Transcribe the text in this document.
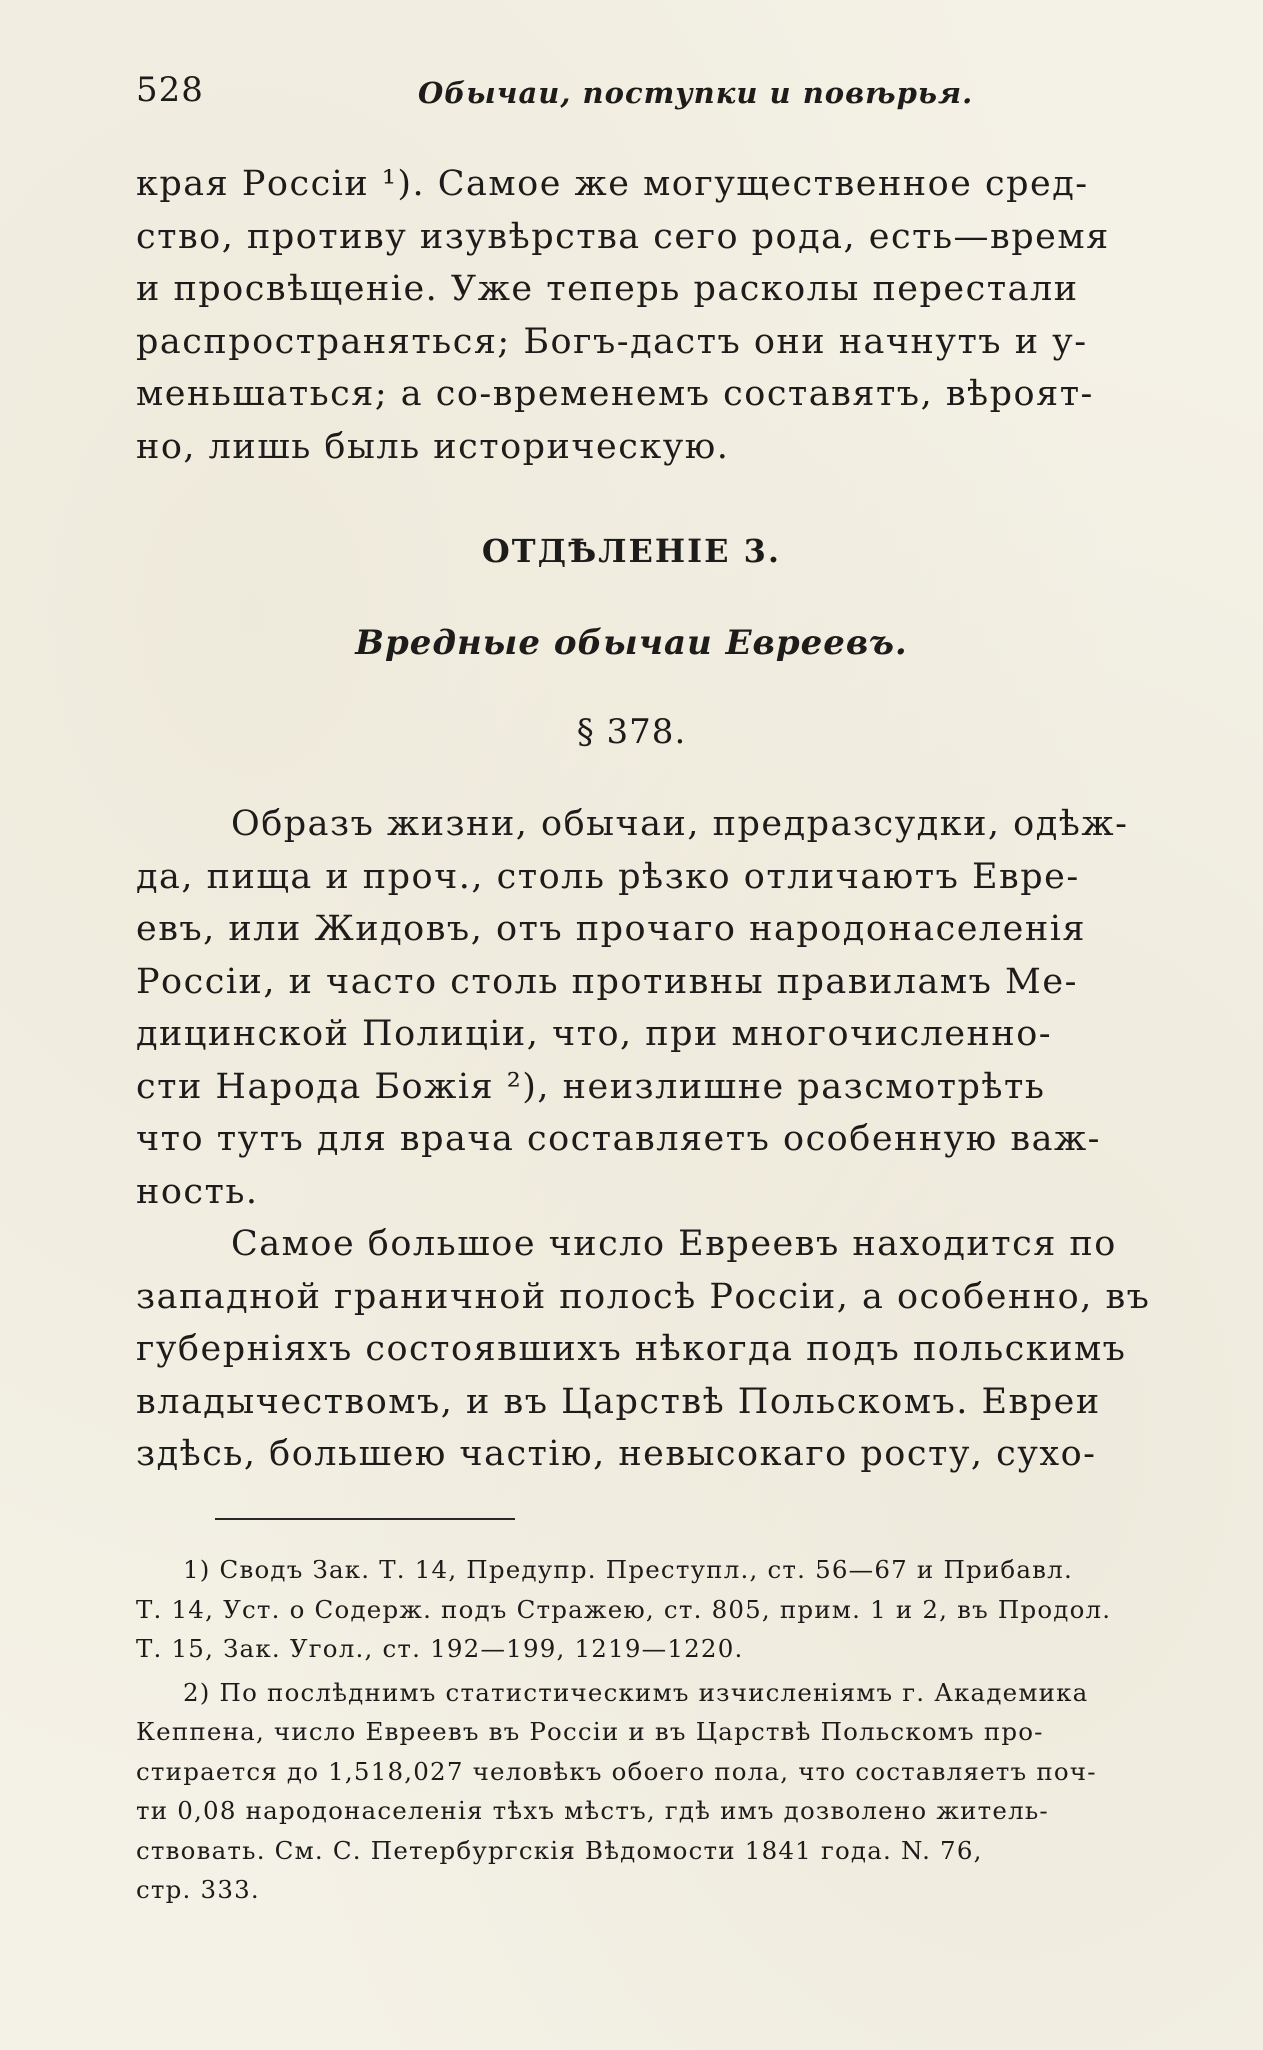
528	Обычаи, поступки и повѣрья.
края Россіи ¹). Самое же могущественное сред-
ство, противу изувѣрства сего рода, есть—время
и просвѣщеніе. Уже теперь расколы перестали
распространяться; Богъ-дастъ они начнутъ и у-
меньшаться; а со-временемъ составятъ, вѣроят-
но, лишь быль историческую.
ОТДѢЛЕНІЕ 3.
Вредные обычаи Евреевъ.
§ 378.
Образъ жизни, обычаи, предразсудки, одѣж-
да, пища и проч., столь рѣзко отличаютъ Евре-
евъ, или Жидовъ, отъ прочаго народонаселенія
Россіи, и часто столь противны правиламъ Ме-
дицинской Полиціи, что, при многочисленно-
сти Народа Божія ²), неизлишне разсмотрѣть
что тутъ для врача составляетъ особенную важ-
ность.
Самое большое число Евреевъ находится по
западной граничной полосѣ Россіи, а особенно, въ
губерніяхъ состоявшихъ нѣкогда подъ польскимъ
владычествомъ, и въ Царствѣ Польскомъ. Евреи
здѣсь, большею частію, невысокаго росту, сухо-
1) Сводъ Зак. Т. 14, Предупр. Преступл., ст. 56—67 и Прибавл.
Т. 14, Уст. о Содерж. подъ Стражею, ст. 805, прим. 1 и 2, въ Продол.
Т. 15, Зак. Угол., ст. 192—199, 1219—1220.
2) По послѣднимъ статистическимъ изчисленіямъ г. Академика
Кеппена, число Евреевъ въ Россіи и въ Царствѣ Польскомъ про-
стирается до 1,518,027 человѣкъ обоего пола, что составляетъ поч-
ти 0,08 народонаселенія тѣхъ мѣстъ, гдѣ имъ дозволено житель-
ствовать. См. С. Петербургскія Вѣдомости 1841 года. N. 76,
стр. 333.
